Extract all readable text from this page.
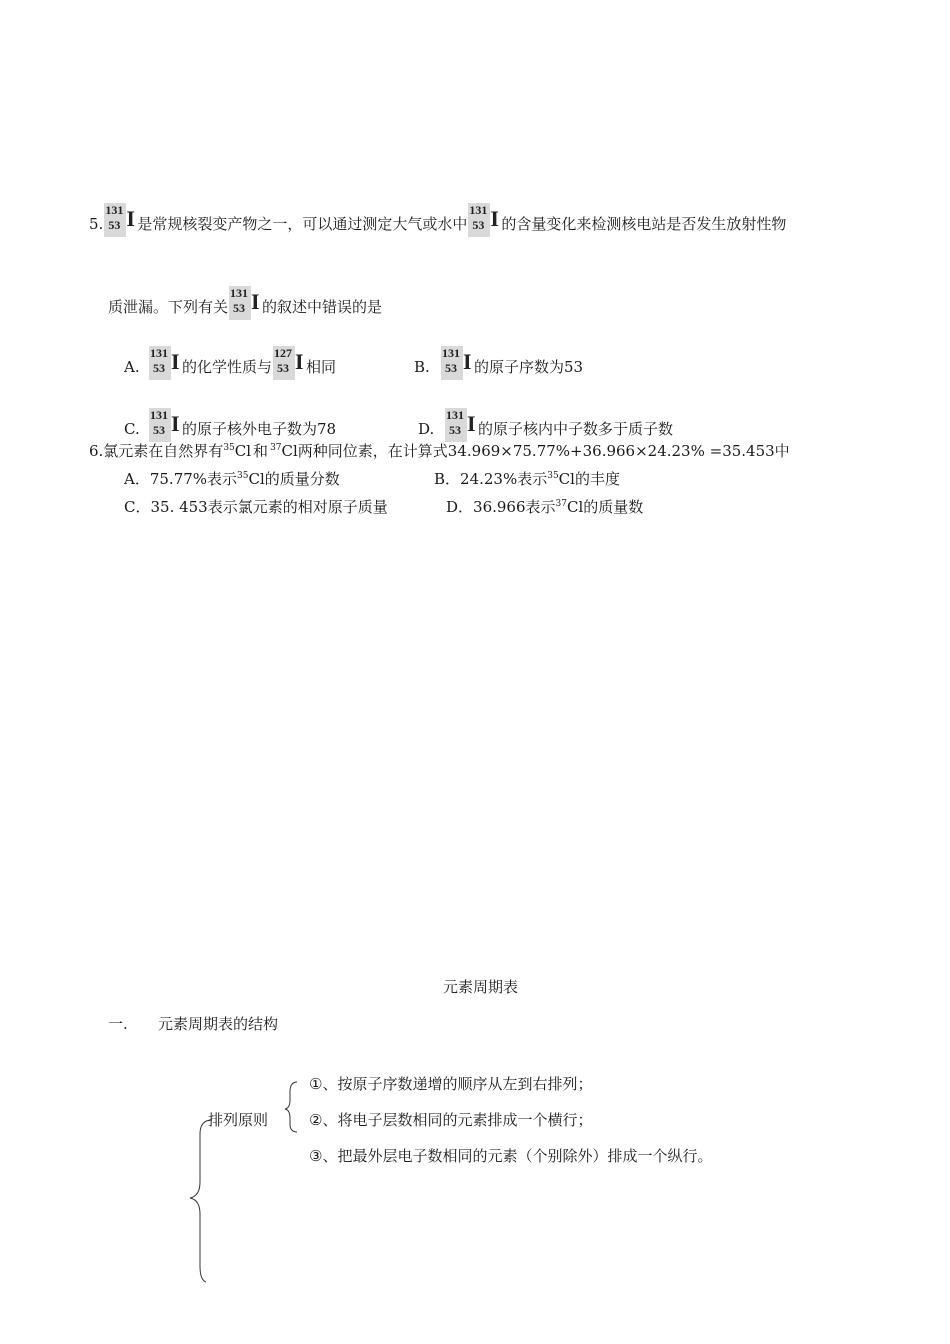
5.
131
53 I 是常规核裂变产物之一，可以通过测定大气或水中
131
53 I 的含量变化来检测核电站是否发生放射性物
质泄漏。下列有关
131
53 I 的叙述中错误的是
A.
131
53 I 的化学性质与
127
53 I 相同	B.
131
53 I 的原子序数为53
C.
131
53 I 的原子核外电子数为78	D.
131
53 I 的原子核内中子数多于质子数
6.氯元素在自然界有$^{35}$Cl 和 $^{37}$Cl两种同位素，在计算式34.969×75.77%+36.966×24.23% =35.453中
A．75.77%表示$^{35}$Cl的质量分数	B．24.23%表示$^{35}$Cl的丰度
C．35. 453表示氯元素的相对原子质量	D．36.966表示$^{37}$Cl的质量数
元素周期表
一. 元素周期表的结构
排列原则
①、按原子序数递增的顺序从左到右排列；
②、将电子层数相同的元素排成一个横行；
③、把最外层电子数相同的元素（个别除外）排成一个纵行。
